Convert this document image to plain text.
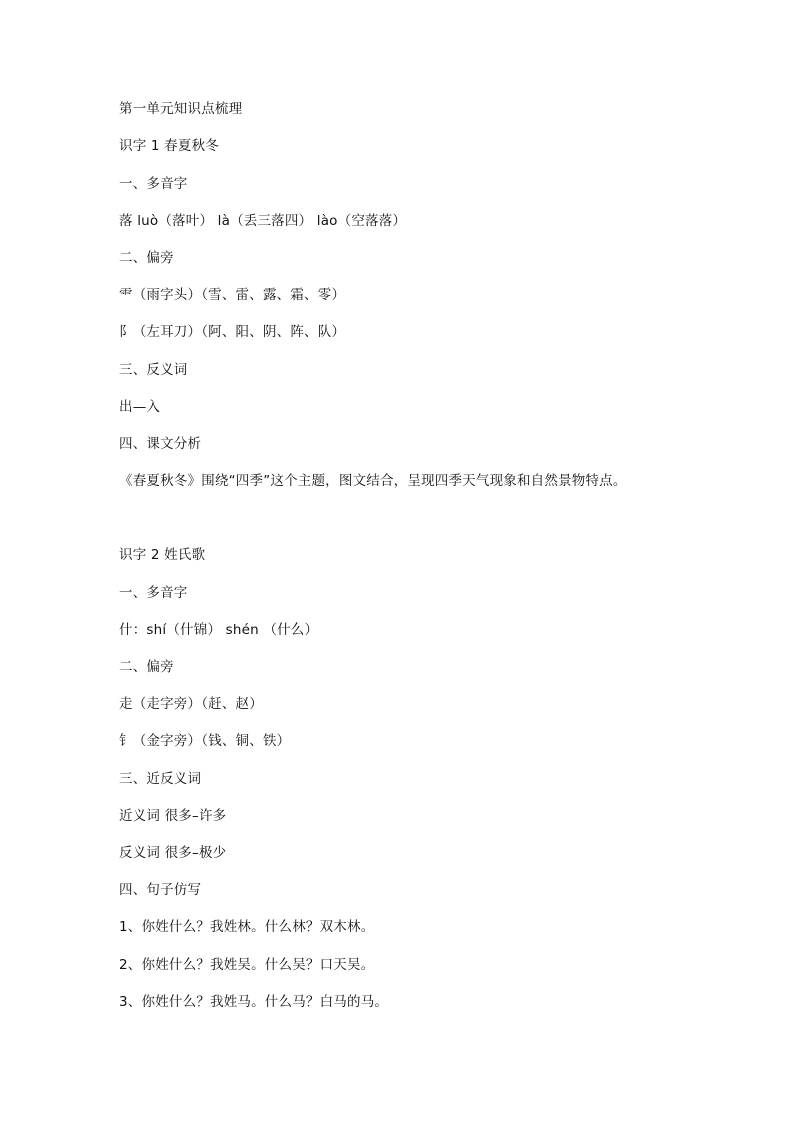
第一单元知识点梳理
识字 1 春夏秋冬
一、多音字
落 luò（落叶） là（丢三落四） lào（空落落）
二、偏旁
⻗（雨字头）（雪、雷、露、霜、零）
阝（左耳刀）（阿、阳、阴、阵、队）
三、反义词
出—入
四、课文分析
《春夏秋冬》围绕“四季”这个主题，图文结合，呈现四季天气现象和自然景物特点。
识字 2 姓氏歌
一、多音字
什：shí（什锦） shén （什么）
二、偏旁
走（走字旁）（赶、赵）
钅（金字旁）（钱、铜、铁）
三、近反义词
近义词 很多–许多
反义词 很多–极少
四、句子仿写
1、你姓什么？我姓林。什么林？双木林。
2、你姓什么？我姓吴。什么吴？口天吴。
3、你姓什么？我姓马。什么马？白马的马。
